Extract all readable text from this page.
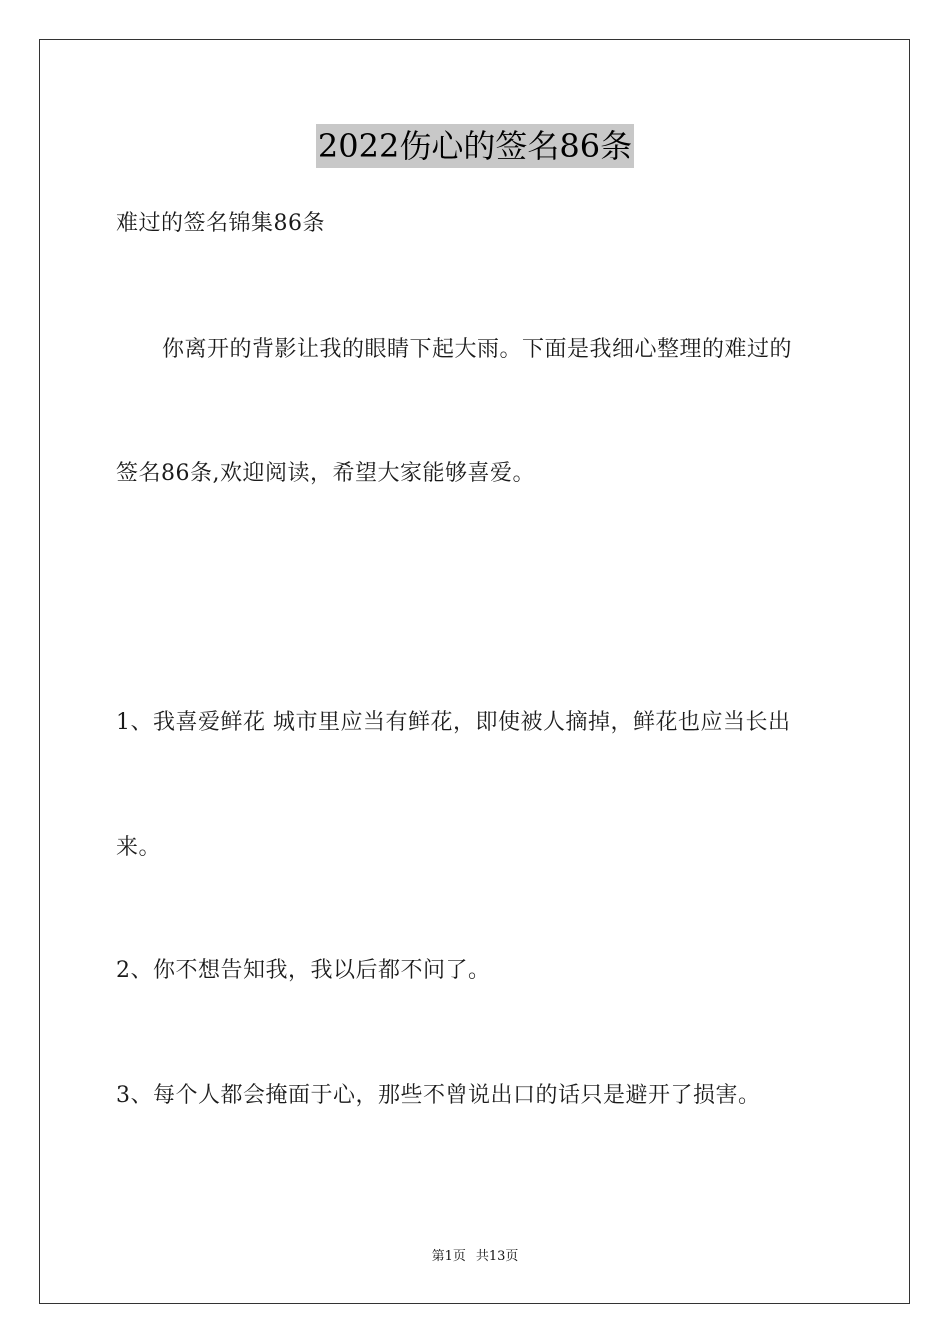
2022伤心的签名86条
难过的签名锦集86条
你离开的背影让我的眼睛下起大雨。下面是我细心整理的难过的
签名86条,欢迎阅读，希望大家能够喜爱。
1、我喜爱鲜花 城市里应当有鲜花，即使被人摘掉，鲜花也应当长出
来。
2、你不想告知我，我以后都不问了。
3、每个人都会掩面于心，那些不曾说出口的话只是避开了损害。
第1页 共13页
